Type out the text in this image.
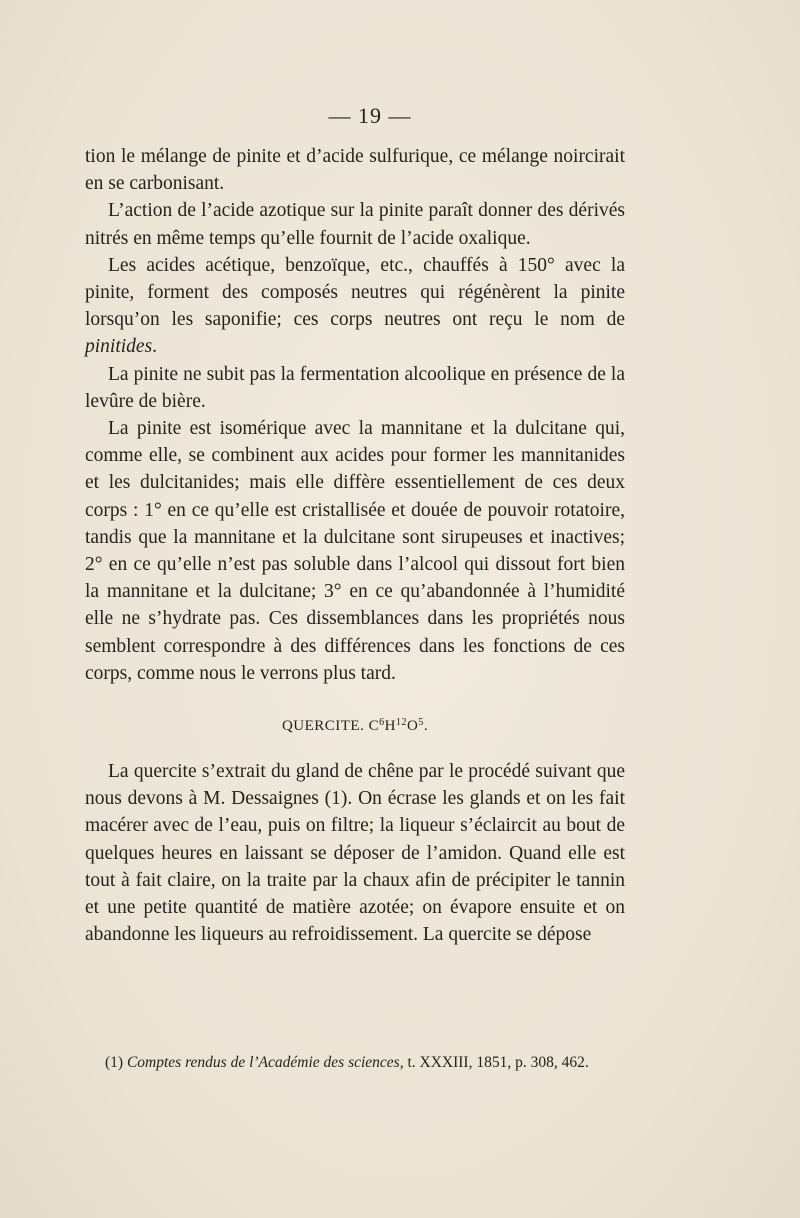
— 19 —

tion le mélange de pinite et d’acide sulfurique, ce mélange noircirait en se carbonisant.

L’action de l’acide azotique sur la pinite paraît donner des dérivés nitrés en même temps qu’elle fournit de l’acide oxalique.

Les acides acétique, benzoïque, etc., chauffés à 150° avec la pinite, forment des composés neutres qui régénèrent la pinite lorsqu’on les saponifie; ces corps neutres ont reçu le nom de pinitides.

La pinite ne subit pas la fermentation alcoolique en présence de la levûre de bière.

La pinite est isomérique avec la mannitane et la dulcitane qui, comme elle, se combinent aux acides pour former les mannitanides et les dulcitanides; mais elle diffère essentiellement de ces deux corps : 1° en ce qu’elle est cristallisée et douée de pouvoir rotatoire, tandis que la mannitane et la dulcitane sont sirupeuses et inactives; 2° en ce qu’elle n’est pas soluble dans l’alcool qui dissout fort bien la mannitane et la dulcitane; 3° en ce qu’abandonnée à l’humidité elle ne s’hydrate pas. Ces dissemblances dans les propriétés nous semblent correspondre à des différences dans les fonctions de ces corps, comme nous le verrons plus tard.

QUERCITE. $C^6H^{12}O^5$.

La quercite s’extrait du gland de chêne par le procédé suivant que nous devons à M. Dessaignes (1). On écrase les glands et on les fait macérer avec de l’eau, puis on filtre; la liqueur s’éclaircit au bout de quelques heures en laissant se déposer de l’amidon. Quand elle est tout à fait claire, on la traite par la chaux afin de précipiter le tannin et une petite quantité de matière azotée; on évapore ensuite et on abandonne les liqueurs au refroidissement. La quercite se dépose

(1) Comptes rendus de l’Académie des sciences, t. XXXIII, 1851, p. 308, 462.
